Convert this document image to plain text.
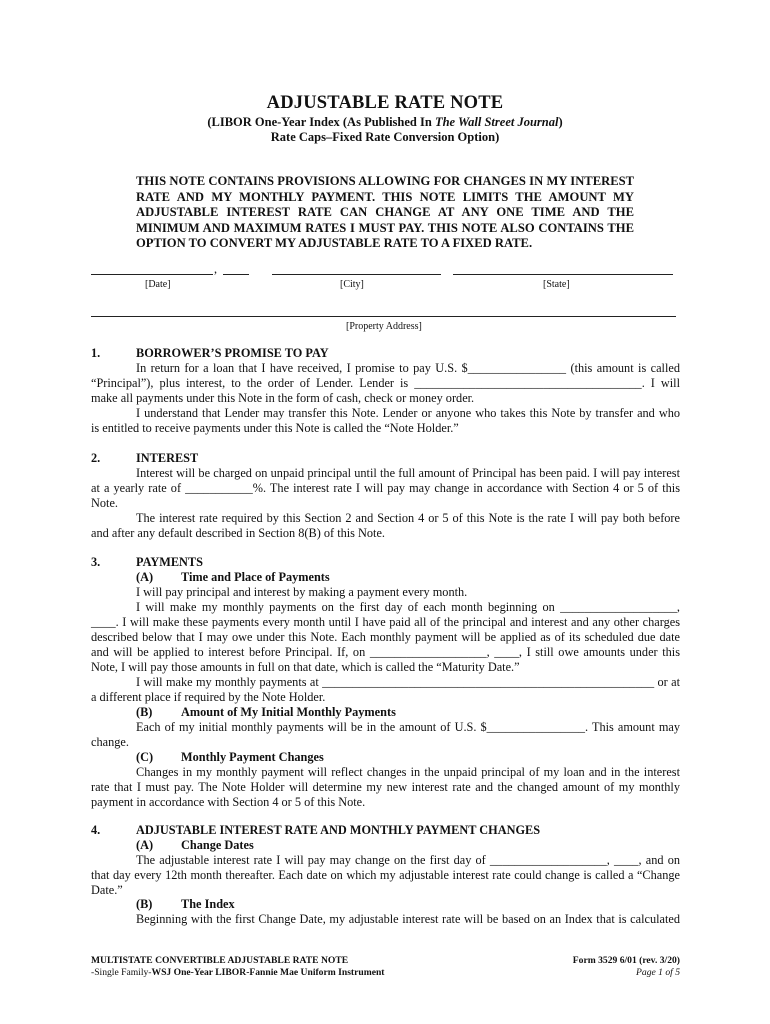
ADJUSTABLE RATE NOTE
(LIBOR One-Year Index (As Published In The Wall Street Journal)
Rate Caps–Fixed Rate Conversion Option)
THIS NOTE CONTAINS PROVISIONS ALLOWING FOR CHANGES IN MY INTEREST RATE AND MY MONTHLY PAYMENT. THIS NOTE LIMITS THE AMOUNT MY ADJUSTABLE INTEREST RATE CAN CHANGE AT ANY ONE TIME AND THE MINIMUM AND MAXIMUM RATES I MUST PAY. THIS NOTE ALSO CONTAINS THE OPTION TO CONVERT MY ADJUSTABLE RATE TO A FIXED RATE.
,
[Date]	[City]	[State]
[Property Address]
1.	BORROWER’S PROMISE TO PAY
In return for a loan that I have received, I promise to pay U.S. $________________ (this amount is called
“Principal”), plus interest, to the order of Lender. Lender is _____________________________________. I will
make all payments under this Note in the form of cash, check or money order.
I understand that Lender may transfer this Note. Lender or anyone who takes this Note by transfer and who
is entitled to receive payments under this Note is called the “Note Holder.”
2.	INTEREST
Interest will be charged on unpaid principal until the full amount of Principal has been paid. I will pay interest
at a yearly rate of ___________%. The interest rate I will pay may change in accordance with Section 4 or 5 of this
Note.
The interest rate required by this Section 2 and Section 4 or 5 of this Note is the rate I will pay both before
and after any default described in Section 8(B) of this Note.
3.	PAYMENTS
(A) Time and Place of Payments
I will pay principal and interest by making a payment every month.
I will make my monthly payments on the first day of each month beginning on ___________________,
____. I will make these payments every month until I have paid all of the principal and interest and any other charges
described below that I may owe under this Note. Each monthly payment will be applied as of its scheduled due date
and will be applied to interest before Principal. If, on ___________________, ____, I still owe amounts under this
Note, I will pay those amounts in full on that date, which is called the “Maturity Date.”
I will make my monthly payments at ______________________________________________________ or at
a different place if required by the Note Holder.
(B) Amount of My Initial Monthly Payments
Each of my initial monthly payments will be in the amount of U.S. $________________. This amount may
change.
(C) Monthly Payment Changes
Changes in my monthly payment will reflect changes in the unpaid principal of my loan and in the interest
rate that I must pay. The Note Holder will determine my new interest rate and the changed amount of my monthly
payment in accordance with Section 4 or 5 of this Note.
4.	ADJUSTABLE INTEREST RATE AND MONTHLY PAYMENT CHANGES
(A) Change Dates
The adjustable interest rate I will pay may change on the first day of ___________________, ____, and on
that day every 12th month thereafter. Each date on which my adjustable interest rate could change is called a “Change
Date.”
(B) The Index
Beginning with the first Change Date, my adjustable interest rate will be based on an Index that is calculated
MULTISTATE CONVERTIBLE ADJUSTABLE RATE NOTE
-Single Family-WSJ One-Year LIBOR-Fannie Mae Uniform Instrument
Form 3529 6/01 (rev. 3/20)
Page 1 of 5
